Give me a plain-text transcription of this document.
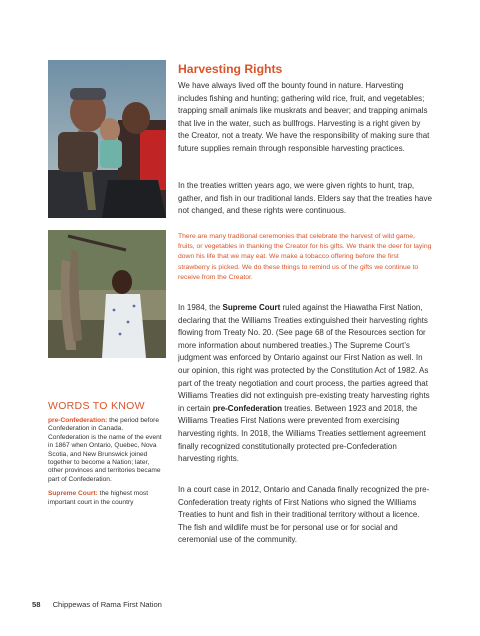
Harvesting Rights

We have always lived off the bounty found in nature. Harvesting includes fishing and hunting; gathering wild rice, fruit, and vegetables; trapping small animals like muskrats and beaver; and trapping animals that live in the water, such as bullfrogs. Harvesting is a right given by the Creator, not a treaty. We have the responsibility of making sure that future supplies remain through responsible harvesting practices.

In the treaties written years ago, we were given rights to hunt, trap, gather, and fish in our traditional lands. Elders say that the treaties have not changed, and these rights were continuous.

There are many traditional ceremonies that celebrate the harvest of wild game, fruits, or vegetables in thanking the Creator for his gifts. We thank the deer for laying down his life that we may eat. We make a tobacco offering before the first strawberry is picked. We do these things to remind us of the gifts we continue to receive from the Creator.

In 1984, the Supreme Court ruled against the Hiawatha First Nation, declaring that the Williams Treaties extinguished their harvesting rights flowing from Treaty No. 20. (See page 68 of the Resources section for more information about numbered treaties.) The Supreme Court’s judgment was enforced by Ontario against our First Nation as well. In our opinion, this right was protected by the Constitution Act of 1982. As part of the treaty negotiation and court process, the parties agreed that Williams Treaties did not extinguish pre-existing treaty harvesting rights in certain pre-Confederation treaties. Between 1923 and 2018, the Williams Treaties First Nations were prevented from exercising harvesting rights. In 2018, the Williams Treaties settlement agreement finally recognized constitutionally protected pre-Confederation harvesting rights.

In a court case in 2012, Ontario and Canada finally recognized the pre-Confederation treaty rights of First Nations who signed the Williams Treaties to hunt and fish in their traditional territory without a licence. The fish and wildlife must be for personal use or for social and ceremonial use of the community.

WORDS TO KNOW

pre-Confederation: the period before Confederation in Canada. Confederation is the name of the event in 1867 when Ontario, Quebec, Nova Scotia, and New Brunswick joined together to become a Nation; later, other provinces and territories became part of Confederation.

Supreme Court: the highest most important court in the country

58 Chippewas of Rama First Nation
